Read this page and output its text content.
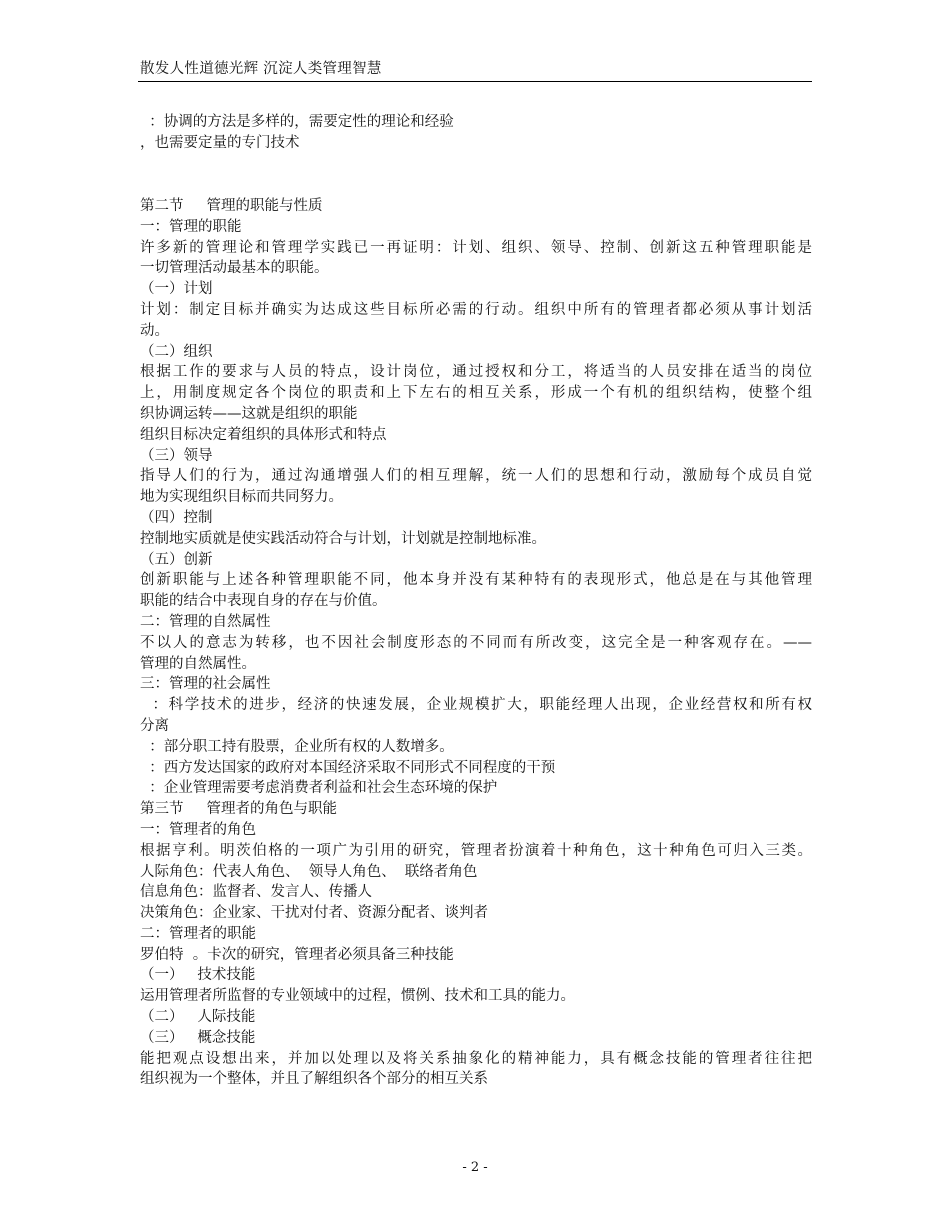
散发人性道德光辉 沉淀人类管理智慧
：协调的方法是多样的，需要定性的理论和经验
，也需要定量的专门技术
第二节     管理的职能与性质
一：管理的职能
许多新的管理论和管理学实践已一再证明：计划、组织、领导、控制、创新这五种管理职能是
一切管理活动最基本的职能。
（一）计划
计划：制定目标并确实为达成这些目标所必需的行动。组织中所有的管理者都必须从事计划活
动。
（二）组织
根据工作的要求与人员的特点，设计岗位，通过授权和分工，将适当的人员安排在适当的岗位
上，用制度规定各个岗位的职责和上下左右的相互关系，形成一个有机的组织结构，使整个组
织协调运转——这就是组织的职能
组织目标决定着组织的具体形式和特点
（三）领导
指导人们的行为，通过沟通增强人们的相互理解，统一人们的思想和行动，激励每个成员自觉
地为实现组织目标而共同努力。
（四）控制
控制地实质就是使实践活动符合与计划，计划就是控制地标准。
（五）创新
创新职能与上述各种管理职能不同，他本身并没有某种特有的表现形式，他总是在与其他管理
职能的结合中表现自身的存在与价值。
二：管理的自然属性
不以人的意志为转移，也不因社会制度形态的不同而有所改变，这完全是一种客观存在。——
管理的自然属性。
三：管理的社会属性
：科学技术的进步，经济的快速发展，企业规模扩大，职能经理人出现，企业经营权和所有权
分离
：部分职工持有股票，企业所有权的人数增多。
：西方发达国家的政府对本国经济采取不同形式不同程度的干预
：企业管理需要考虑消费者利益和社会生态环境的保护
第三节     管理者的角色与职能
一：管理者的角色
根据亨利。明茨伯格的一项广为引用的研究，管理者扮演着十种角色，这十种角色可归入三类。
人际角色：代表人角色、  领导人角色、  联络者角色
信息角色：监督者、发言人、传播人
决策角色：企业家、干扰对付者、资源分配者、谈判者
二：管理者的职能
罗伯特  。卡次的研究，管理者必须具备三种技能
（一）   技术技能
运用管理者所监督的专业领域中的过程，惯例、技术和工具的能力。
（二）   人际技能
（三）   概念技能
能把观点设想出来，并加以处理以及将关系抽象化的精神能力，具有概念技能的管理者往往把
组织视为一个整体，并且了解组织各个部分的相互关系
- 2 -
